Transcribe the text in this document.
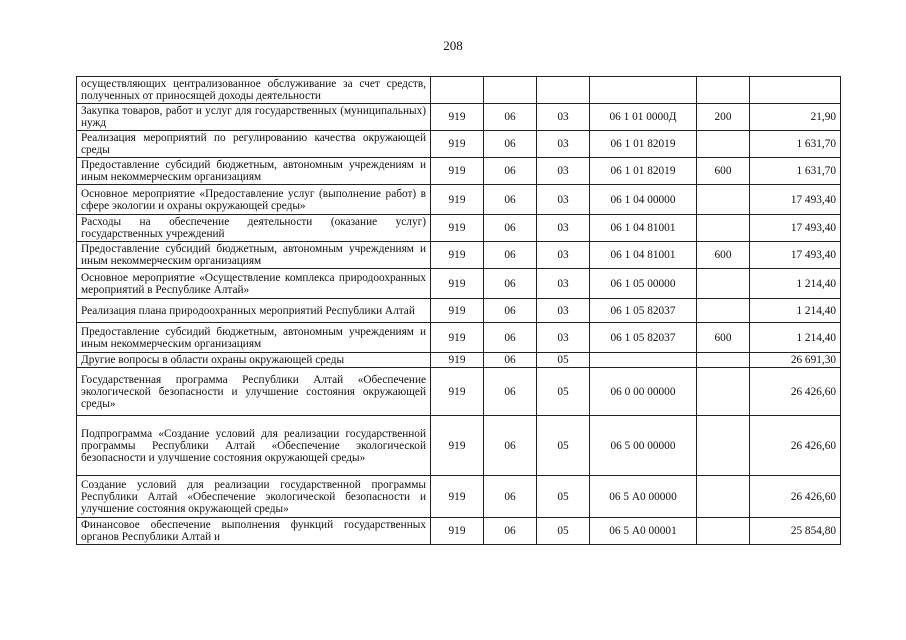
208
осуществляющих централизованное обслуживание за счет средств, полученных от приносящей доходы деятельности						
Закупка товаров, работ и услуг для государственных (муниципальных) нужд	919	06	03	06 1 01 0000Д	200	21,90
Реализация мероприятий по регулированию качества окружающей среды	919	06	03	06 1 01 82019		1 631,70
Предоставление субсидий бюджетным, автономным учреждениям и иным некоммерческим организациям	919	06	03	06 1 01 82019	600	1 631,70
Основное мероприятие «Предоставление услуг (выполнение работ) в сфере экологии и охраны окружающей среды»	919	06	03	06 1 04 00000		17 493,40
Расходы на обеспечение деятельности (оказание услуг) государственных учреждений	919	06	03	06 1 04 81001		17 493,40
Предоставление субсидий бюджетным, автономным учреждениям и иным некоммерческим организациям	919	06	03	06 1 04 81001	600	17 493,40
Основное мероприятие «Осуществление комплекса природоохранных мероприятий в Республике Алтай»	919	06	03	06 1 05 00000		1 214,40
Реализация плана природоохранных мероприятий Республики Алтай	919	06	03	06 1 05 82037		1 214,40
Предоставление субсидий бюджетным, автономным учреждениям и иным некоммерческим организациям	919	06	03	06 1 05 82037	600	1 214,40
Другие вопросы в области охраны окружающей среды	919	06	05			26 691,30
Государственная программа Республики Алтай «Обеспечение экологической безопасности и улучшение состояния окружающей среды»	919	06	05	06 0 00 00000		26 426,60
Подпрограмма «Создание условий для реализации государственной программы Республики Алтай «Обеспечение экологической безопасности и улучшение состояния окружающей среды»	919	06	05	06 5 00 00000		26 426,60
Создание условий для реализации государственной программы Республики Алтай «Обеспечение экологической безопасности и улучшение состояния окружающей среды»	919	06	05	06 5 А0 00000		26 426,60
Финансовое обеспечение выполнения функций государственных органов Республики Алтай и	919	06	05	06 5 А0 00001		25 854,80
